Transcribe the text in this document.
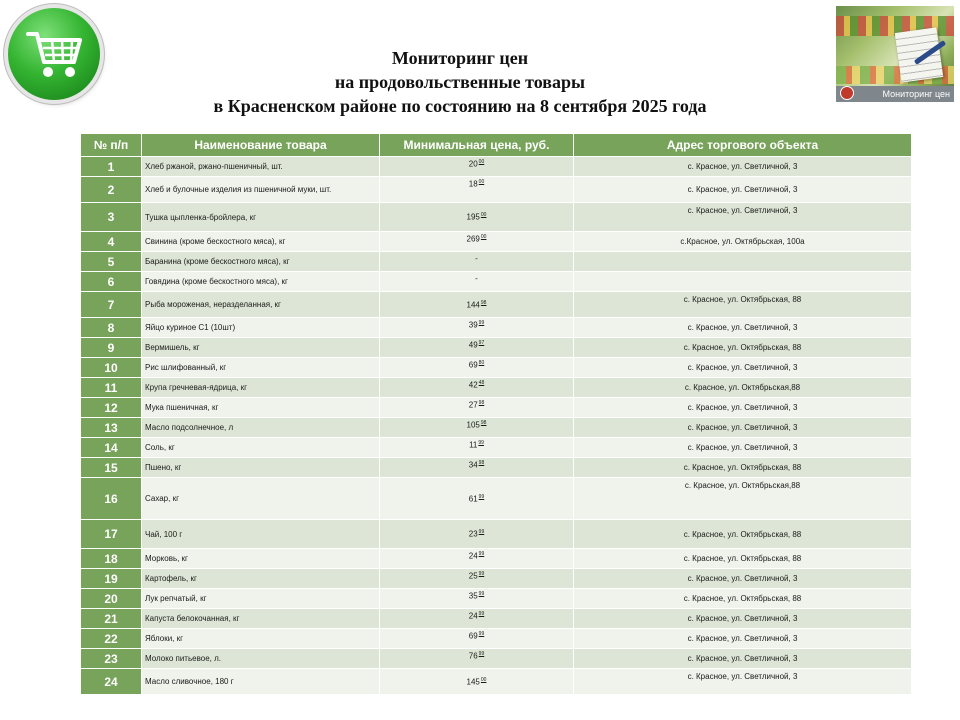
Мониторинг цен
на продовольственные товары
в Красненском районе по состоянию на 8 сентября 2025 года
Мониторинг цен
№ п/п	Наименование товара	Минимальная цена, руб.	Адрес торгового объекта
1	Хлеб ржаной, ржано-пшеничный, шт.	$20^{00}$	с. Красное, ул. Светличной, 3
2	Хлеб и булочные изделия из пшеничной муки, шт.	$18^{00}$	с. Красное, ул. Светличной, 3
3	Тушка цыпленка-бройлера, кг	$195^{00}$	с. Красное, ул. Светличной, 3
4	Свинина (кроме бескостного мяса), кг	$269^{00}$	с.Красное, ул. Октябрьская, 100а
5	Баранина (кроме бескостного мяса), кг	-	
6	Говядина (кроме бескостного мяса), кг	-	
7	Рыба мороженая, неразделанная, кг	$144^{98}$	с. Красное, ул. Октябрьская, 88
8	Яйцо куриное С1 (10шт)	$39^{99}$	с. Красное, ул. Светличной, 3
9	Вермишель, кг	$49^{97}$	с. Красное, ул. Октябрьская, 88
10	Рис шлифованный, кг	$69^{80}$	с. Красное, ул. Светличной, 3
11	Крупа гречневая-ядрица, кг	$42^{48}$	с. Красное, ул. Октябрьская,88
12	Мука пшеничная, кг	$27^{98}$	с. Красное, ул. Светличной, 3
13	Масло подсолнечное, л	$105^{98}$	с. Красное, ул. Светличной, 3
14	Соль, кг	$11^{99}$	с. Красное, ул. Светличной, 3
15	Пшено, кг	$34^{98}$	с. Красное, ул. Октябрьская, 88
16	Сахар, кг	$61^{99}$	с. Красное, ул. Октябрьская,88
17	Чай, 100 г	$23^{99}$	с. Красное, ул. Октябрьская, 88
18	Морковь, кг	$24^{99}$	с. Красное, ул. Октябрьская, 88
19	Картофель, кг	$25^{99}$	с. Красное, ул. Светличной, 3
20	Лук репчатый, кг	$35^{99}$	с. Красное, ул. Октябрьская, 88
21	Капуста белокочанная, кг	$24^{99}$	с. Красное, ул. Светличной, 3
22	Яблоки, кг	$69^{99}$	с. Красное, ул. Светличной, 3
23	Молоко питьевое, л.	$76^{99}$	с. Красное, ул. Светличной, 3
24	Масло сливочное, 180 г	$145^{00}$	с. Красное, ул. Светличной, 3
